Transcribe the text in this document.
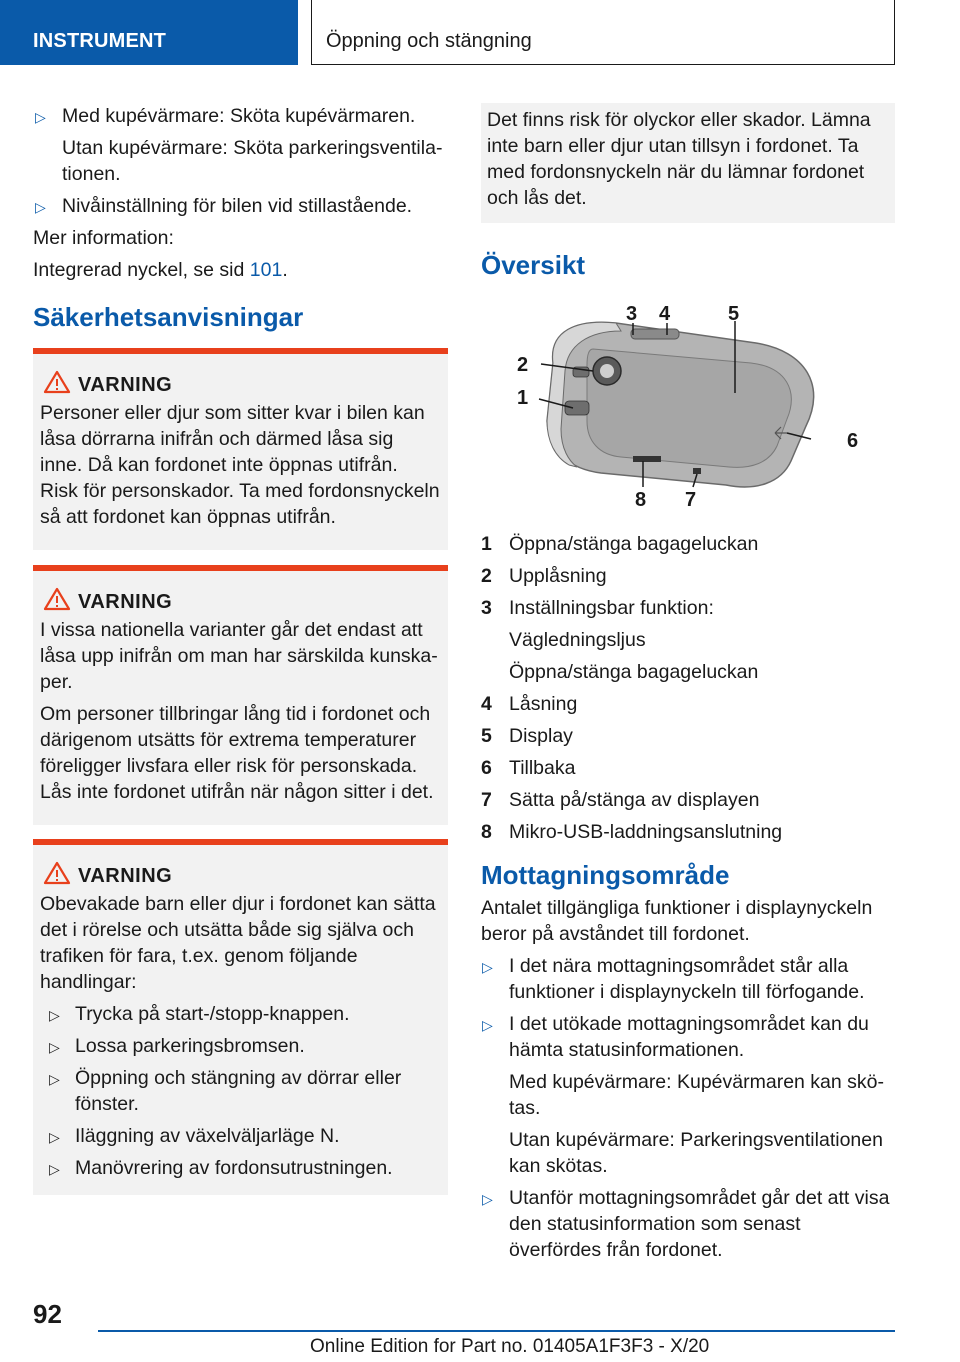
INSTRUMENT	Öppning och stängning
▷ Med kupévärmare: Sköta kupévärmaren.
Utan kupévärmare: Sköta parkeringsventilationen.
▷ Nivåinställning för bilen vid stillastående.
Mer information:
Integrerad nyckel, se sid 101.
Säkerhetsanvisningar
VARNING

Personer eller djur som sitter kvar i bilen kan låsa dörrarna inifrån och därmed låsa sig inne. Då kan fordonet inte öppnas utifrån. Risk för personskador. Ta med fordonsnyckeln så att fordonet kan öppnas utifrån.

VARNING

I vissa nationella varianter går det endast att låsa upp inifrån om man har särskilda kunskaper.

Om personer tillbringar lång tid i fordonet och därigenom utsätts för extrema temperaturer föreligger livsfara eller risk för personskada. Lås inte fordonet utifrån när någon sitter i det.

VARNING

Obevakade barn eller djur i fordonet kan sätta det i rörelse och utsätta både sig själva och trafiken för fara, t.ex. genom följande handlingar:

▷ Trycka på start-/stopp-knappen.
▷ Lossa parkeringsbromsen.
▷ Öppning och stängning av dörrar eller fönster.
▷ Iläggning av växelväljarläge N.
▷ Manövrering av fordonsutrustningen.
Det finns risk för olyckor eller skador. Lämna inte barn eller djur utan tillsyn i fordonet. Ta med fordonsnyckeln när du lämnar fordonet och lås det.
Översikt
3 4	5
2
1
6
7
8
1 Öppna/stänga bagageluckan
2 Upplåsning
3 Inställningsbar funktion:
Vägledningsljus
Öppna/stänga bagageluckan
4 Låsning
5 Display
6 Tillbaka
7 Sätta på/stänga av displayen
8 Mikro-USB-laddningsanslutning
Mottagningsområde
Antalet tillgängliga funktioner i displaynyckeln beror på avståndet till fordonet.
▷ I det nära mottagningsområdet står alla funktioner i displaynyckeln till förfogande.
▷ I det utökade mottagningsområdet kan du hämta statusinformationen.
Med kupévärmare: Kupévärmaren kan skötas.
Utan kupévärmare: Parkeringsventilationen kan skötas.
▷ Utanför mottagningsområdet går det att visa den statusinformation som senast överfördes från fordonet.
92
Online Edition for Part no. 01405A1F3F3 - X/20
